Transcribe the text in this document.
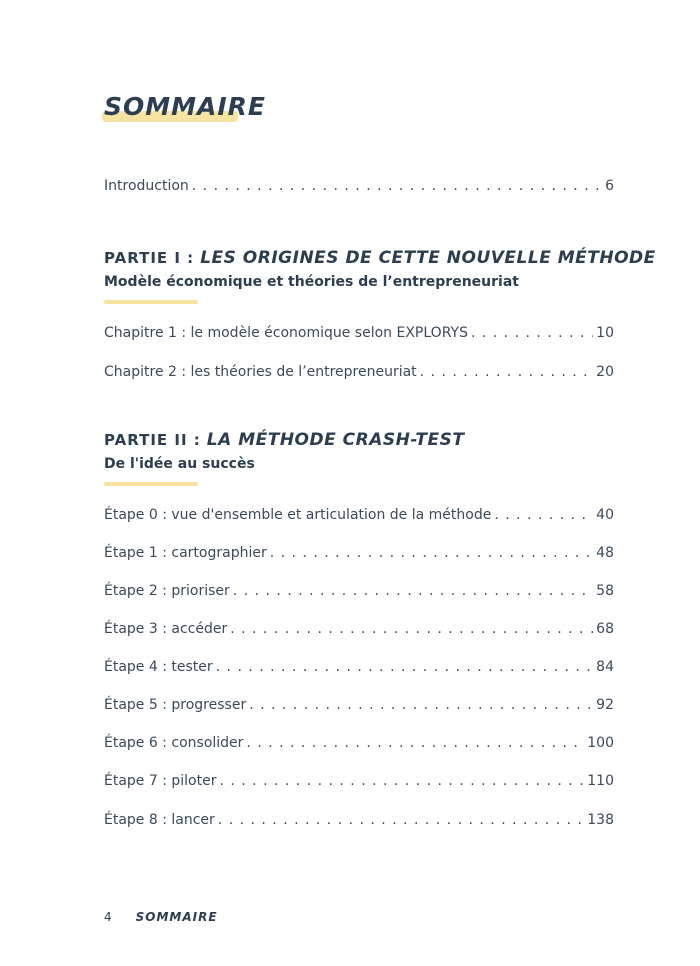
SOMMAIRE
Introduction . . .	6
PARTIE I : LES ORIGINES DE CETTE NOUVELLE MÉTHODE
Modèle économique et théories de l’entrepreneuriat
Chapitre 1 : le modèle économique selon EXPLORYS . . .	10
Chapitre 2 : les théories de l’entrepreneuriat . . .	20
PARTIE II : LA MÉTHODE CRASH-TEST
De l'idée au succès
Étape 0 : vue d'ensemble et articulation de la méthode . . .	40
Étape 1 : cartographier . . .	48
Étape 2 : prioriser . . .	58
Étape 3 : accéder . . .	68
Étape 4 : tester . . .	84
Étape 5 : progresser . . .	92
Étape 6 : consolider . . .	100
Étape 7 : piloter . . .	110
Étape 8 : lancer . . .	138
4 SOMMAIRE
